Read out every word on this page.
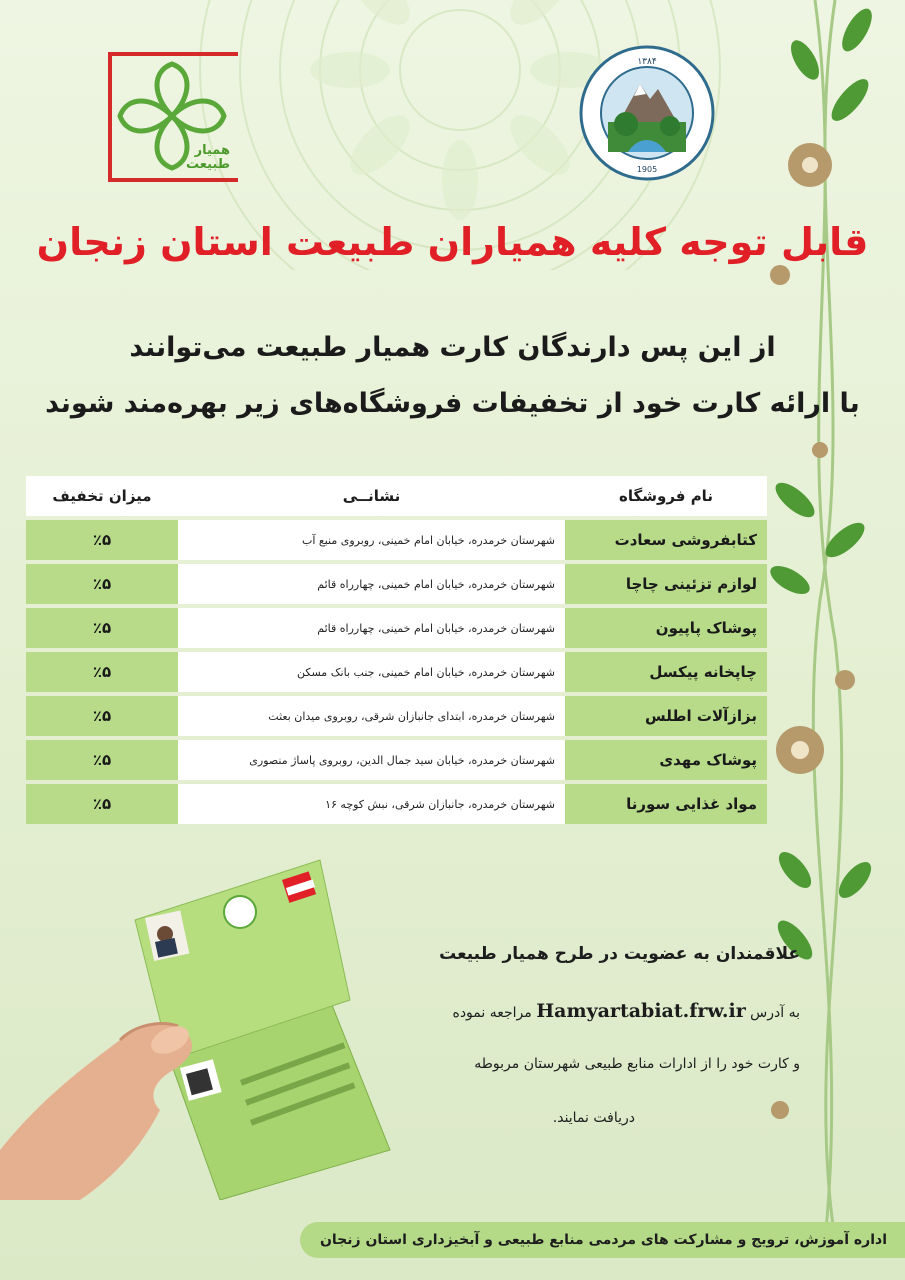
همیار
طبیعت
۱۳۸۴
1905
قابل توجه کلیه همیاران طبیعت استان زنجان

از این پس دارندگان کارت همیار طبیعت می‌توانند

با ارائه کارت خود از تخفیفات فروشگاه‌های زیر بهره‌مند شوند

نام فروشگاه	نشانــی	میزان تخفیف
کتابفروشی سعادت	شهرستان خرمدره، خیابان امام خمینی، روبروی منبع آب	٪۵
لوازم تزئینی چاچا	شهرستان خرمدره، خیابان امام خمینی، چهارراه قائم	٪۵
پوشاک پاپیون	شهرستان خرمدره، خیابان امام خمینی، چهارراه قائم	٪۵
چاپخانه پیکسل	شهرستان خرمدره، خیابان امام خمینی، جنب بانک مسکن	٪۵
بزازآلات اطلس	شهرستان خرمدره، ابتدای جانبازان شرقی، روبروی میدان بعثت	٪۵
پوشاک مهدی	شهرستان خرمدره، خیابان سید جمال الدین، روبروی پاساژ منصوری	٪۵
مواد غذایی سورنا	شهرستان خرمدره، جانبازان شرقی، نبش کوچه ۱۶	٪۵

علاقمندان به عضویت در طرح همیار طبیعت

به آدرس Hamyartabiat.frw.ir مراجعه نموده

و کارت خود را از ادارات منابع طبیعی شهرستان مربوطه

دریافت نمایند.

اداره آموزش، ترویج و مشارکت های مردمی منابع طبیعی و آبخیزداری استان زنجان
